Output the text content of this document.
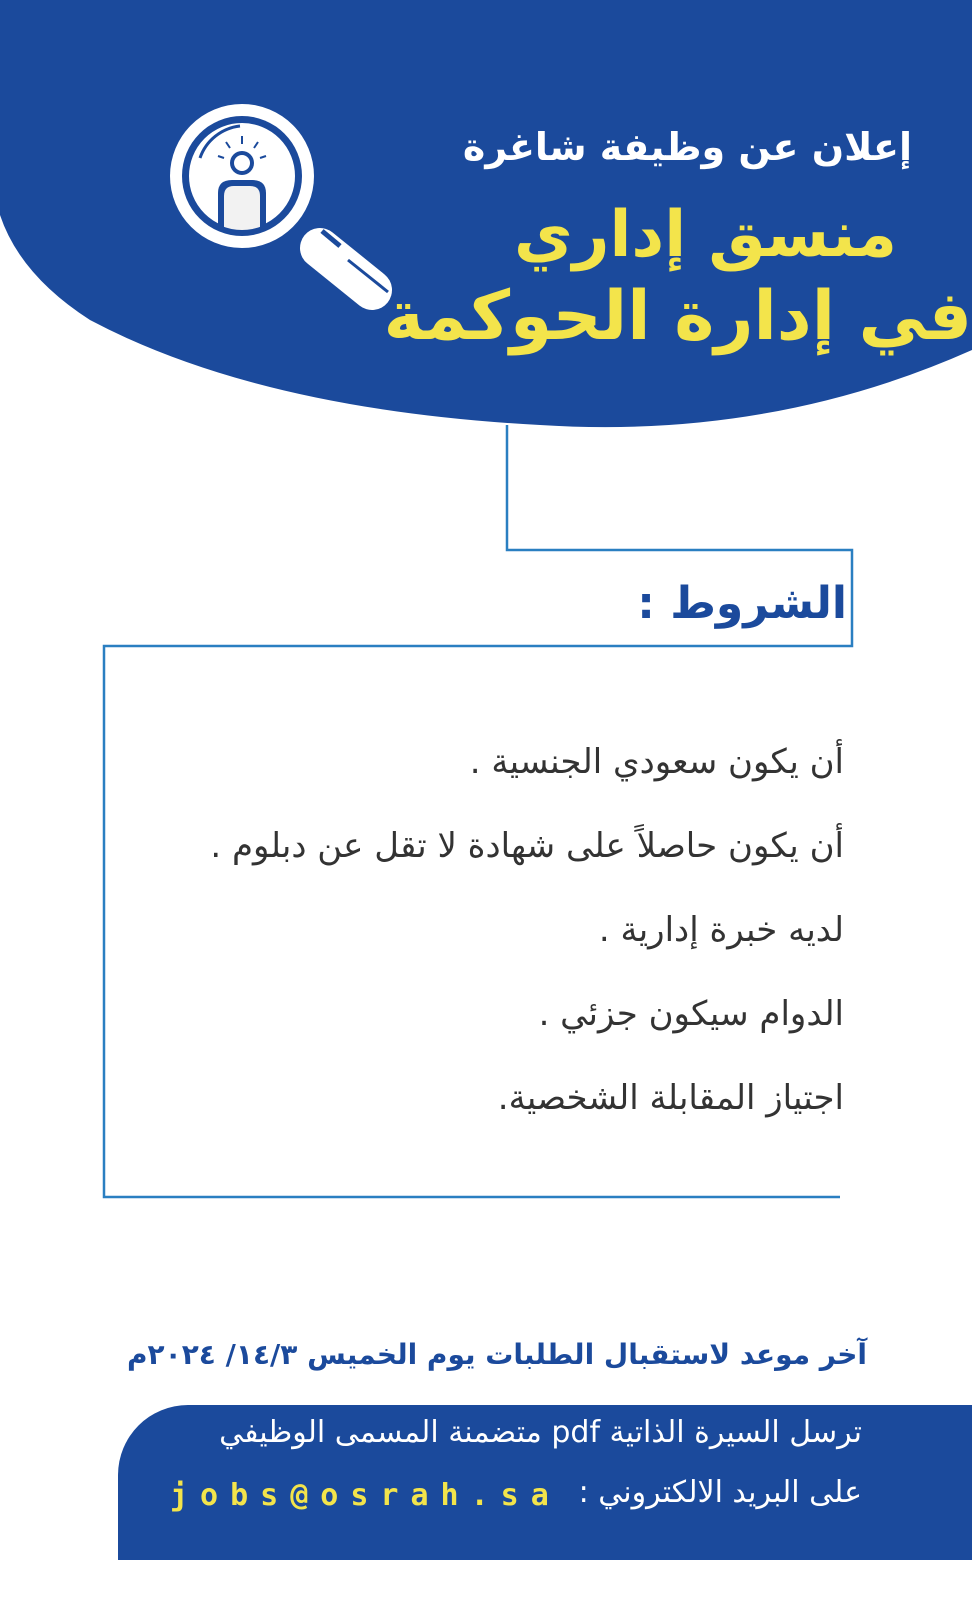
إعلان عن وظيفة شاغرة
منسق إداري
في إدارة الحوكمة
الشروط :
أن يكون سعودي الجنسية .
أن يكون حاصلاً على شهادة لا تقل عن دبلوم .
لديه خبرة إدارية .
الدوام سيكون جزئي .
اجتياز المقابلة الشخصية.
آخر موعد لاستقبال الطلبات يوم الخميس ١٤/٣/ ٢٠٢٤م
ترسل السيرة الذاتية pdf متضمنة المسمى الوظيفي
على البريد الالكتروني :
jobs@osrah.sa
